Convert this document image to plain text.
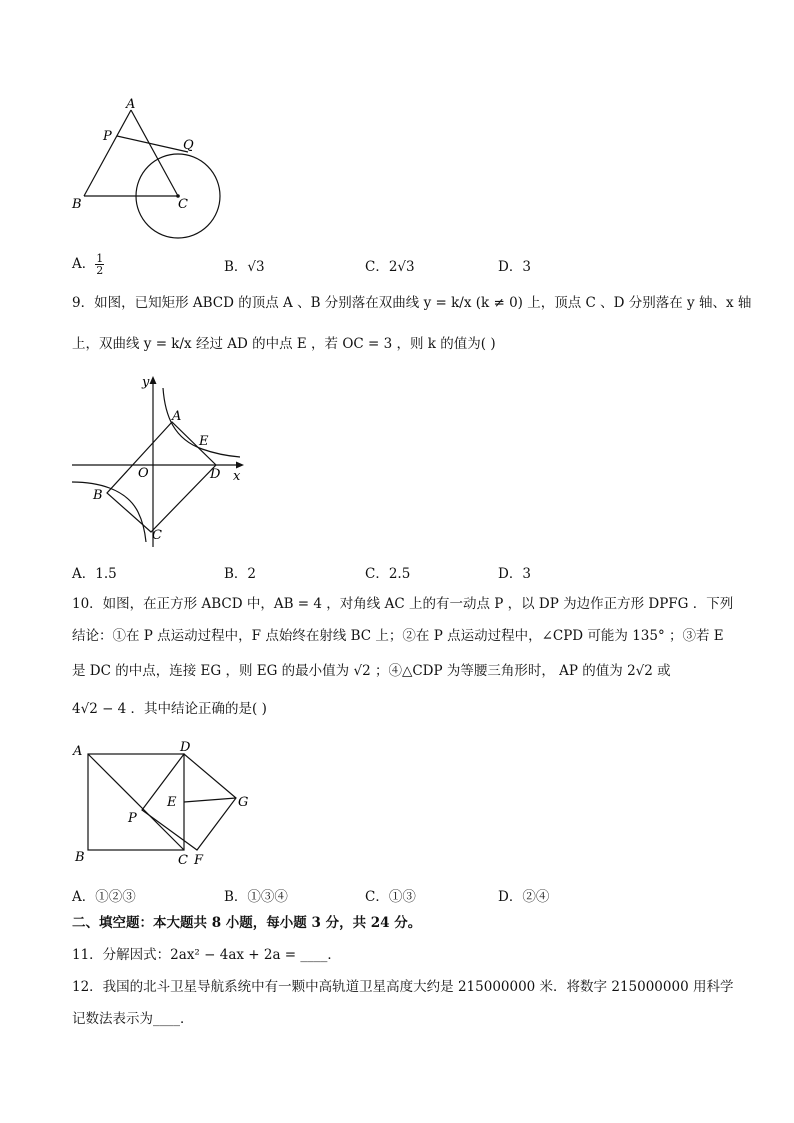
A
P
Q
B	C
A． $\frac{1}{2}$	B．√3	C．2√3	D．3
9．如图，已知矩形 ABCD 的顶点 A 、B 分别落在双曲线 y = k/x (k ≠ 0) 上，顶点 C 、D 分别落在 y 轴、x 轴
上，双曲线 y = k/x 经过 AD 的中点 E ，若 OC = 3 ，则 k 的值为( )
y
x
A
E
O	D
B
C
A．1.5	B．2	C．2.5	D．3
10．如图，在正方形 ABCD 中，AB = 4 ，对角线 AC 上的有一动点 P ，以 DP 为边作正方形 DPFG ．下列
结论：①在 P 点运动过程中，F 点始终在射线 BC 上；②在 P 点运动过程中，∠CPD 可能为 135° ；③若 E
是 DC 的中点，连接 EG ，则 EG 的最小值为 √2 ；④△CDP 为等腰三角形时， AP 的值为 2√2 或
4√2 − 4 ．其中结论正确的是( )
A	D
E	G
P
B	C F
A．①②③	B．①③④	C．①③	D．②④
二、填空题：本大题共 8 小题，每小题 3 分，共 24 分。
11．分解因式：2ax² − 4ax + 2a = ____．
12．我国的北斗卫星导航系统中有一颗中高轨道卫星高度大约是 215000000 米．将数字 215000000 用科学
记数法表示为____．
